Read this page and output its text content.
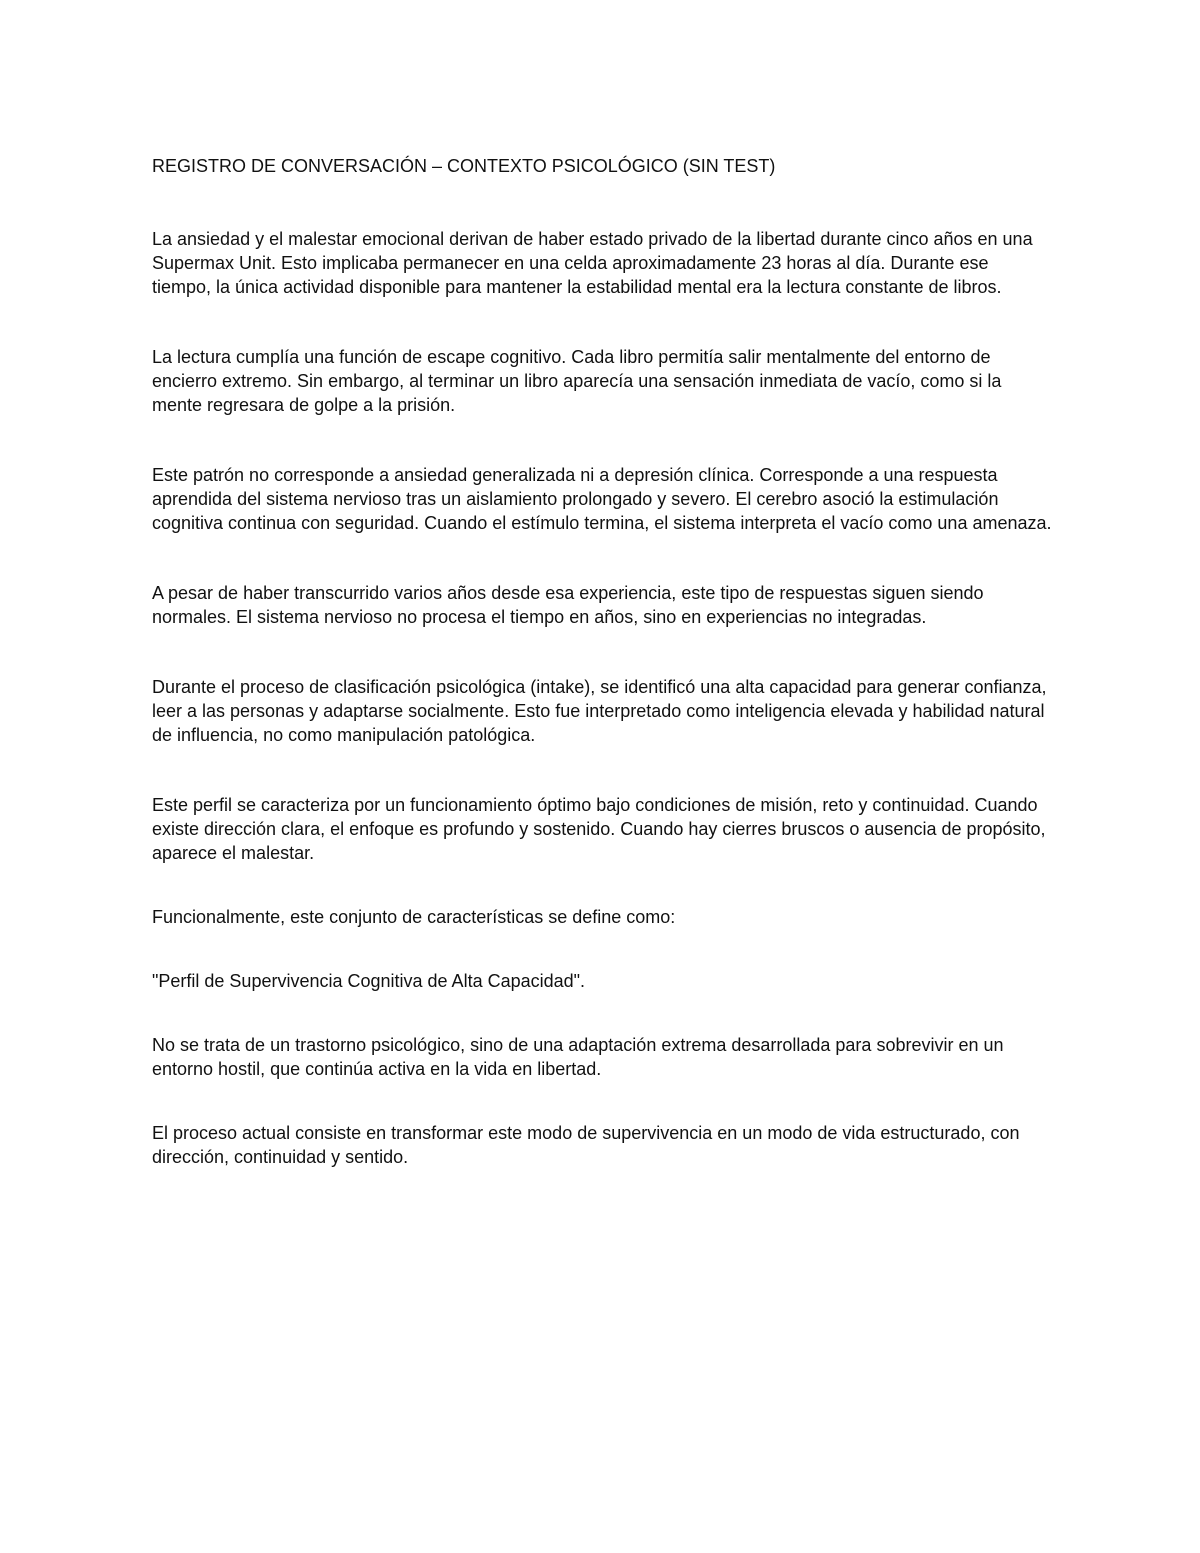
REGISTRO DE CONVERSACIÓN – CONTEXTO PSICOLÓGICO (SIN TEST)

La ansiedad y el malestar emocional derivan de haber estado privado de la libertad durante cinco años en una Supermax Unit. Esto implicaba permanecer en una celda aproximadamente 23 horas al día. Durante ese tiempo, la única actividad disponible para mantener la estabilidad mental era la lectura constante de libros.

La lectura cumplía una función de escape cognitivo. Cada libro permitía salir mentalmente del entorno de encierro extremo. Sin embargo, al terminar un libro aparecía una sensación inmediata de vacío, como si la mente regresara de golpe a la prisión.

Este patrón no corresponde a ansiedad generalizada ni a depresión clínica. Corresponde a una respuesta aprendida del sistema nervioso tras un aislamiento prolongado y severo. El cerebro asoció la estimulación cognitiva continua con seguridad. Cuando el estímulo termina, el sistema interpreta el vacío como una amenaza.

A pesar de haber transcurrido varios años desde esa experiencia, este tipo de respuestas siguen siendo normales. El sistema nervioso no procesa el tiempo en años, sino en experiencias no integradas.

Durante el proceso de clasificación psicológica (intake), se identificó una alta capacidad para generar confianza, leer a las personas y adaptarse socialmente. Esto fue interpretado como inteligencia elevada y habilidad natural de influencia, no como manipulación patológica.

Este perfil se caracteriza por un funcionamiento óptimo bajo condiciones de misión, reto y continuidad. Cuando existe dirección clara, el enfoque es profundo y sostenido. Cuando hay cierres bruscos o ausencia de propósito, aparece el malestar.

Funcionalmente, este conjunto de características se define como:

"Perfil de Supervivencia Cognitiva de Alta Capacidad".

No se trata de un trastorno psicológico, sino de una adaptación extrema desarrollada para sobrevivir en un entorno hostil, que continúa activa en la vida en libertad.

El proceso actual consiste en transformar este modo de supervivencia en un modo de vida estructurado, con dirección, continuidad y sentido.
